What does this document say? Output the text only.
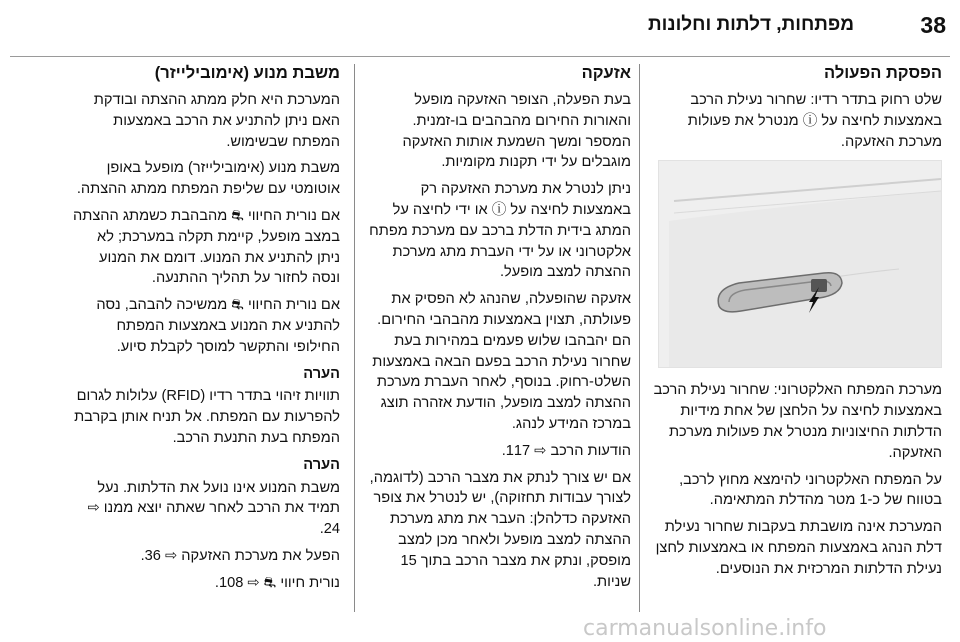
38
מפתחות, דלתות וחלונות
הפסקת הפעולה

שלט רחוק בתדר רדיו: שחרור נעילת הרכב באמצעות לחיצה על ⓘ מנטרל את פעולות מערכת האזעקה.

מערכת המפתח האלקטרוני: שחרור נעילת הרכב באמצעות לחיצה על הלחצן של אחת מידיות הדלתות החיצוניות מנטרל את פעולות מערכת האזעקה.

על המפתח האלקטרוני להימצא מחוץ לרכב, בטווח של כ-1 מטר מהדלת המתאימה.

המערכת אינה מושבתת בעקבות שחרור נעילת דלת הנהג באמצעות המפתח או באמצעות לחצן נעילת הדלתות המרכזית את הנוסעים.

אזעקה

בעת הפעלה, הצופר האזעקה מופעל והאורות החירום מהבהבים בו-זמנית. המספר ומשך השמעת אותות האזעקה מוגבלים על ידי תקנות מקומיות.

ניתן לנטרל את מערכת האזעקה רק באמצעות לחיצה על ⓘ או ידי לחיצה על המתג בידית הדלת ברכב עם מערכת מפתח אלקטרוני או על ידי העברת מתג מערכת ההצתה למצב מופעל.

אזעקה שהופעלה, שהנהג לא הפסיק את פעולתה, תצוין באמצעות מהבהבי החירום. הם יהבהבו שלוש פעמים במהירות בעת שחרור נעילת הרכב בפעם הבאה באמצעות השלט-רחוק. בנוסף, לאחר העברת מערכת ההצתה למצב מופעל, הודעת אזהרה תוצג במרכז המידע לנהג.

הודעות הרכב ⇨ 117.

אם יש צורך לנתק את מצבר הרכב (לדוגמה, לצורך עבודות תחזוקה), יש לנטרל את צופר האזעקה כדלהלן: העבר את מתג מערכת ההצתה למצב מופעל ולאחר מכן למצב מופסק, ונתק את מצבר הרכב בתוך 15 שניות.

משבת מנוע (אימובילייזר)

המערכת היא חלק ממתג ההצתה ובודקת האם ניתן להתניע את הרכב באמצעות המפתח שבשימוש.

משבת מנוע (אימובילייזר) מופעל באופן אוטומטי עם שליפת המפתח ממתג ההצתה.

אם נורית החיווי ⛐ מהבהבת כשמתג ההצתה במצב מופעל, קיימת תקלה במערכת; לא ניתן להתניע את המנוע. דומם את המנוע ונסה לחזור על תהליך ההתנעה.

אם נורית החיווי ⛐ ממשיכה להבהב, נסה להתניע את המנוע באמצעות המפתח החילופי והתקשר למוסך לקבלת סיוע.

הערה

תוויות זיהוי בתדר רדיו (RFID) עלולות לגרום להפרעות עם המפתח. אל תניח אותן בקרבת המפתח בעת התנעת הרכב.

הערה

משבת המנוע אינו נועל את הדלתות. נעל תמיד את הרכב לאחר שאתה יוצא ממנו ⇨ 24.

הפעל את מערכת האזעקה ⇨ 36.

נורית חיווי ⛐ ⇨ 108.

carmanualsonline.info
